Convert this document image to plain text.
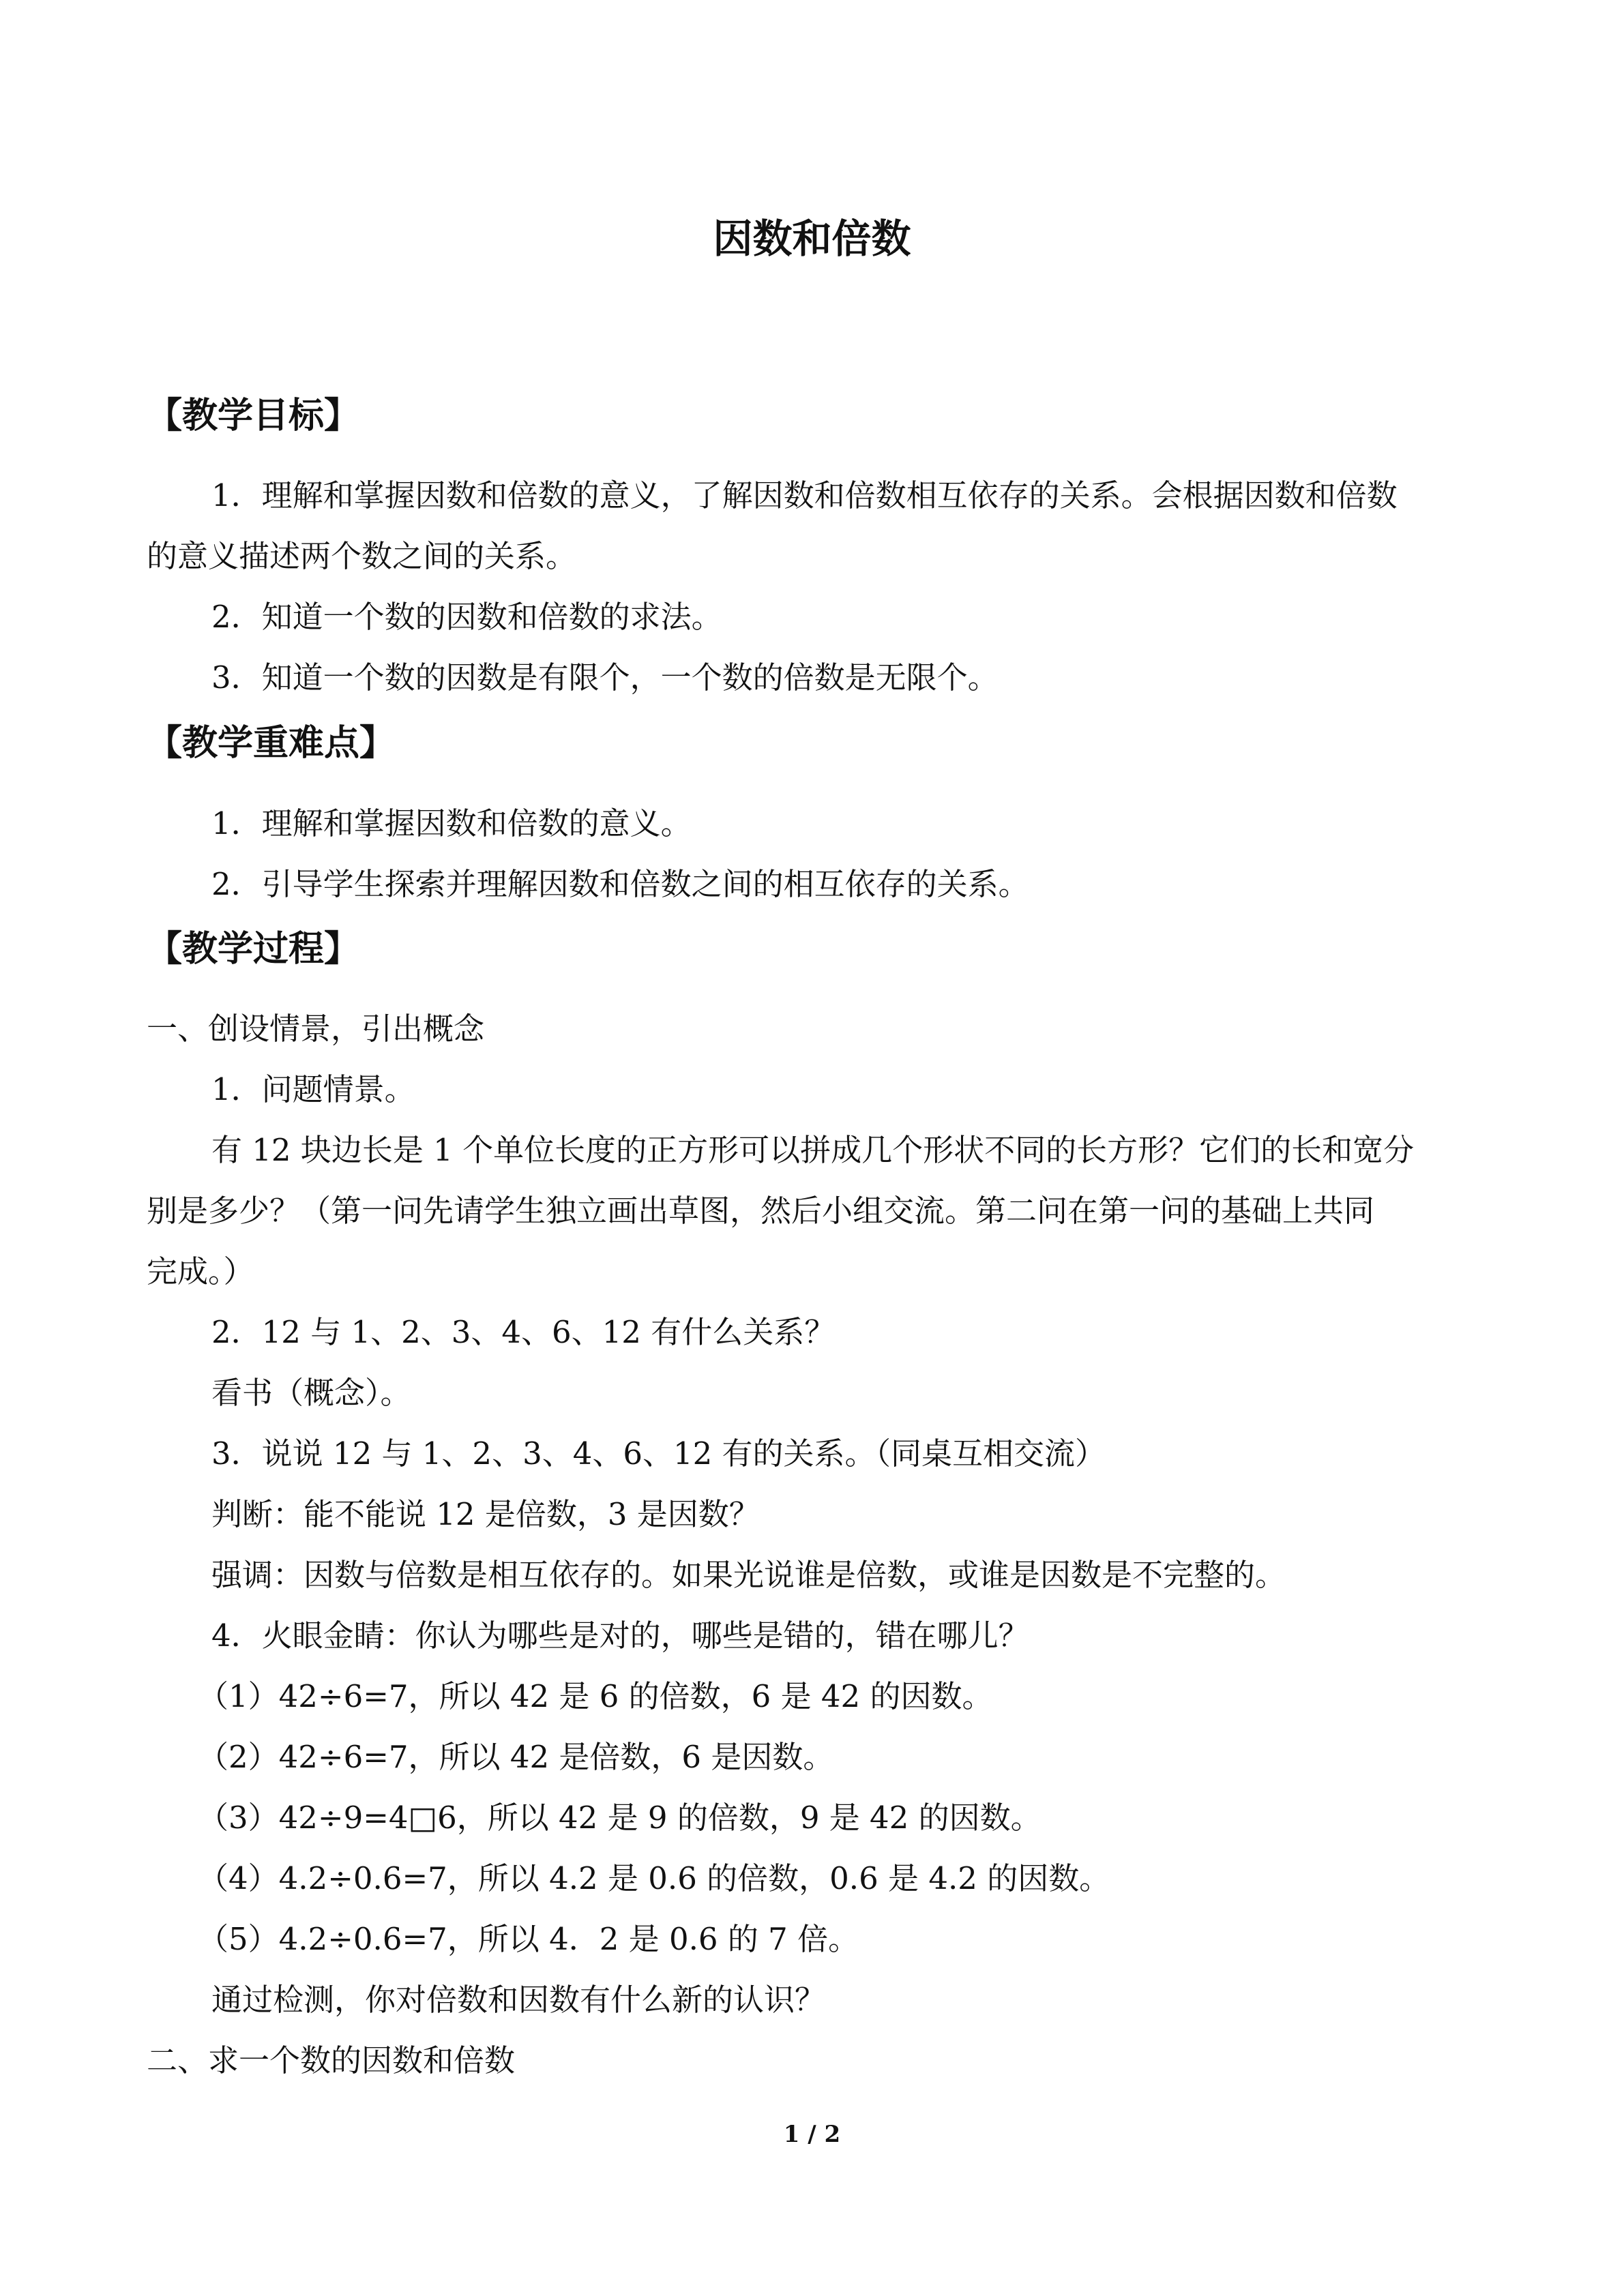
因数和倍数
【教学目标】
1．理解和掌握因数和倍数的意义，了解因数和倍数相互依存的关系。会根据因数和倍数
的意义描述两个数之间的关系。
2．知道一个数的因数和倍数的求法。
3．知道一个数的因数是有限个，一个数的倍数是无限个。
【教学重难点】
1．理解和掌握因数和倍数的意义。
2．引导学生探索并理解因数和倍数之间的相互依存的关系。
【教学过程】
一、创设情景，引出概念
1．问题情景。
有 12 块边长是 1 个单位长度的正方形可以拼成几个形状不同的长方形？它们的长和宽分
别是多少？（第一问先请学生独立画出草图，然后小组交流。第二问在第一问的基础上共同
完成。）
2．12 与 1、2、3、4、6、12 有什么关系？
看书（概念）。
3．说说 12 与 1、2、3、4、6、12 有的关系。（同桌互相交流）
判断：能不能说 12 是倍数，3 是因数？
强调：因数与倍数是相互依存的。如果光说谁是倍数，或谁是因数是不完整的。
4．火眼金睛：你认为哪些是对的，哪些是错的，错在哪儿？
（1）42÷6=7，所以 42 是 6 的倍数，6 是 42 的因数。
（2）42÷6=7，所以 42 是倍数，6 是因数。
（3）42÷9=4□6，所以 42 是 9 的倍数，9 是 42 的因数。
（4）4.2÷0.6=7，所以 4.2 是 0.6 的倍数，0.6 是 4.2 的因数。
（5）4.2÷0.6=7，所以 4．2 是 0.6 的 7 倍。
通过检测，你对倍数和因数有什么新的认识？
二、求一个数的因数和倍数
1 / 2
